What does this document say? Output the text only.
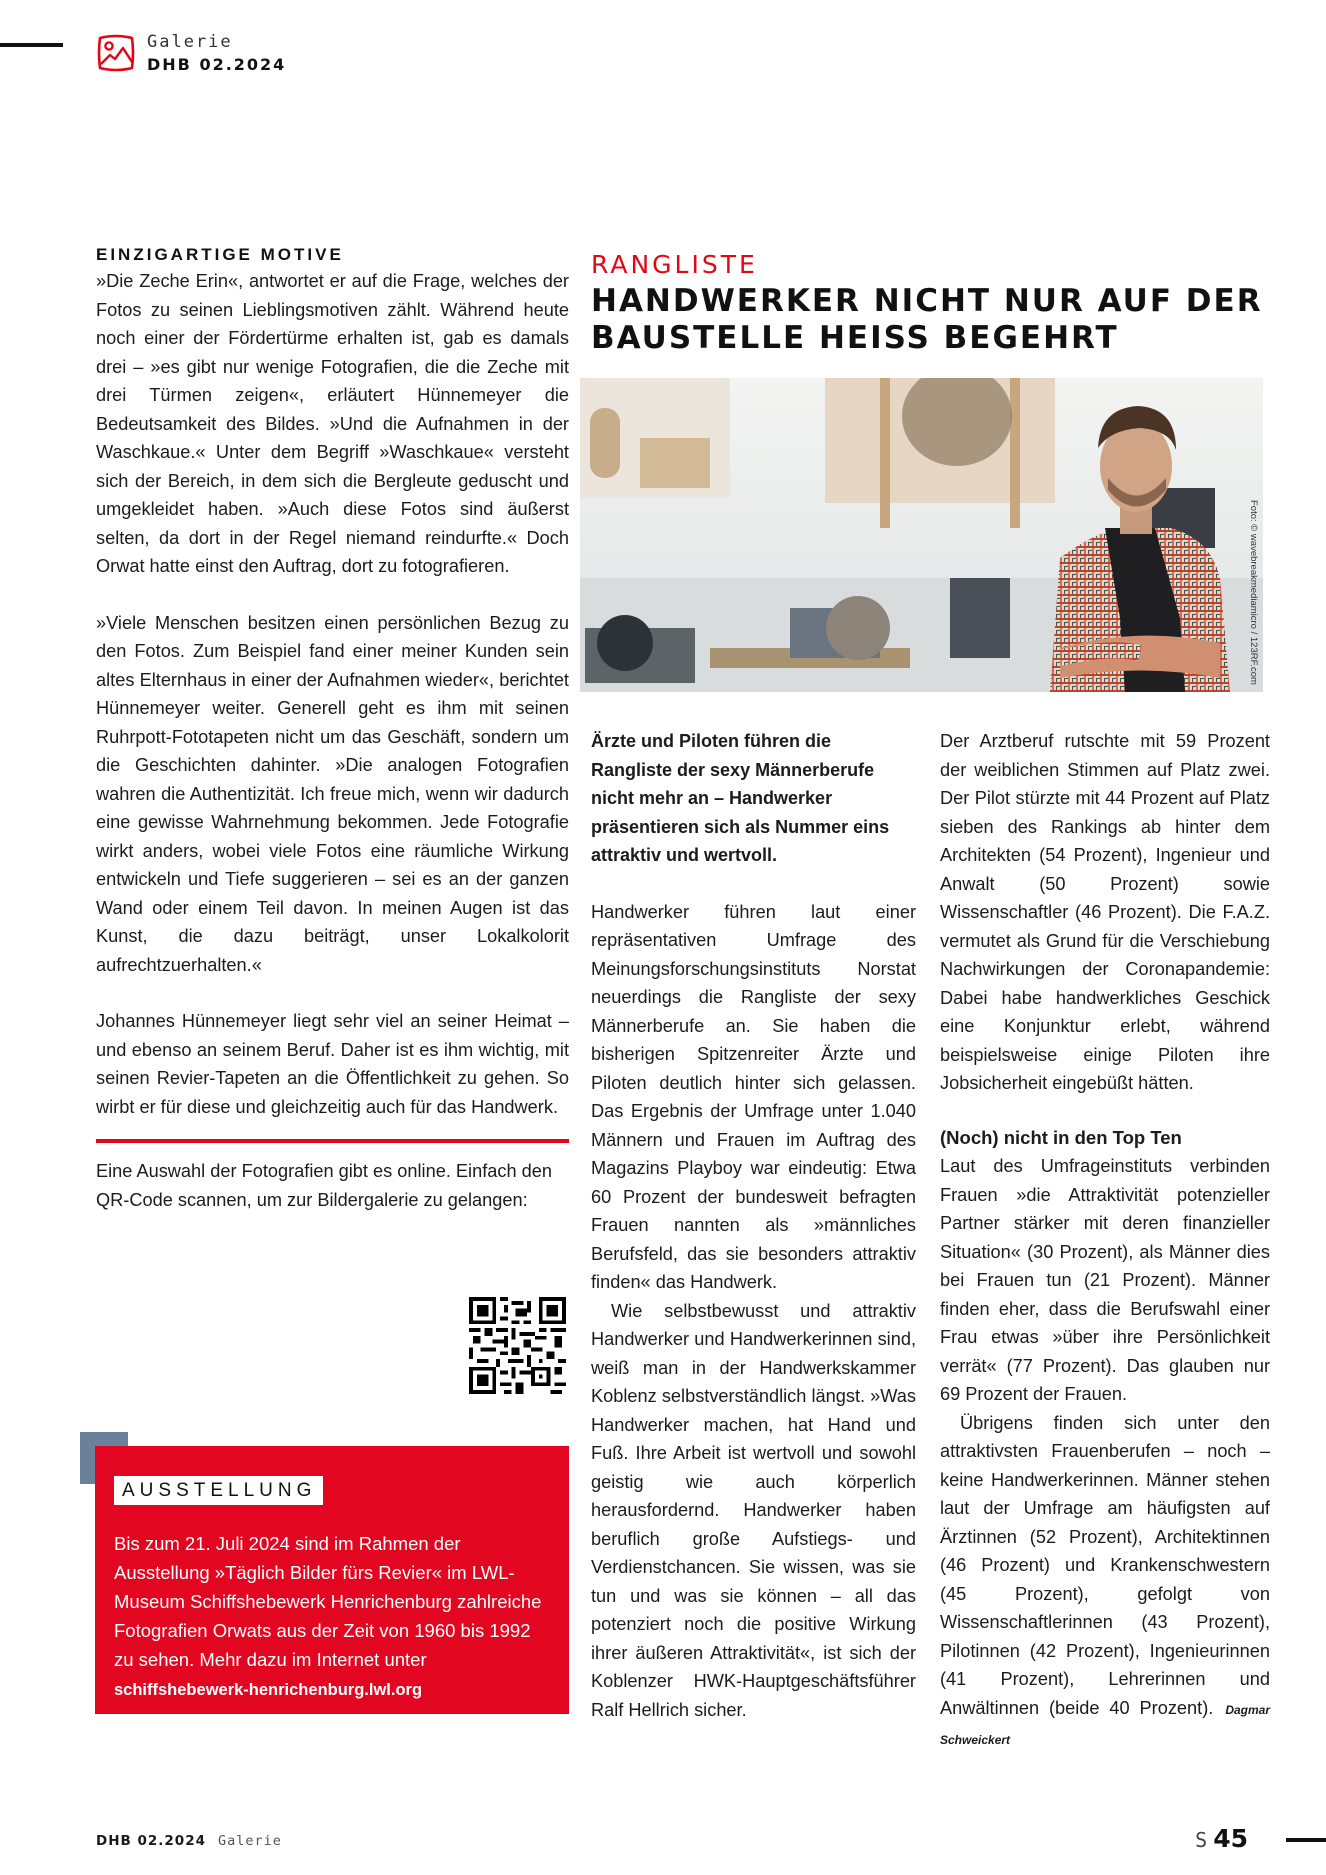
Galerie
DHB 02.2024
EINZIGARTIGE MOTIVE

»Die Zeche Erin«, antwortet er auf die Frage, welches der Fotos zu seinen Lieblingsmotiven zählt. Während heute noch einer der Fördertürme erhalten ist, gab es damals drei – »es gibt nur wenige Fotografien, die die Zeche mit drei Türmen zeigen«, erläutert Hünnemeyer die Bedeutsamkeit des Bildes. »Und die Aufnahmen in der Waschkaue.« Unter dem Begriff »Waschkaue« versteht sich der Bereich, in dem sich die Bergleute geduscht und umgekleidet haben. »Auch diese Fotos sind äußerst selten, da dort in der Regel niemand reindurfte.« Doch Orwat hatte einst den Auftrag, dort zu fotografieren.

»Viele Menschen besitzen einen persönlichen Bezug zu den Fotos. Zum Beispiel fand einer meiner Kunden sein altes Elternhaus in einer der Aufnahmen wieder«, berichtet Hünnemeyer weiter. Generell geht es ihm mit seinen Ruhrpott-Fototapeten nicht um das Geschäft, sondern um die Geschichten dahinter. »Die analogen Fotografien wahren die Authentizität. Ich freue mich, wenn wir dadurch eine gewisse Wahrnehmung bekommen. Jede Fotografie wirkt anders, wobei viele Fotos eine räumliche Wirkung entwickeln und Tiefe suggerieren – sei es an der ganzen Wand oder einem Teil davon. In meinen Augen ist das Kunst, die dazu beiträgt, unser Lokalkolorit aufrechtzuerhalten.«

Johannes Hünnemeyer liegt sehr viel an seiner Heimat – und ebenso an seinem Beruf. Daher ist es ihm wichtig, mit seinen Revier-Tapeten an die Öffentlichkeit zu gehen. So wirbt er für diese und gleichzeitig auch für das Handwerk.

Eine Auswahl der Fotografien gibt es online. Einfach den QR-Code scannen, um zur Bildergalerie zu gelangen:

AUSSTELLUNG
Bis zum 21. Juli 2024 sind im Rahmen der Ausstellung »Täglich Bilder fürs Revier« im LWL-Museum Schiffshebewerk Henrichenburg zahlreiche Fotografien Orwats aus der Zeit von 1960 bis 1992 zu sehen. Mehr dazu im Internet unter
schiffshebewerk-henrichenburg.lwl.org
RANGLISTE
HANDWERKER NICHT NUR AUF DER BAUSTELLE HEISS BEGEHRT
Foto: © wavebreakmediamicro / 123RF.com

Ärzte und Piloten führen die Rangliste der sexy Männerberufe nicht mehr an – Handwerker präsentieren sich als Nummer eins attraktiv und wertvoll.

Handwerker führen laut einer repräsentativen Umfrage des Meinungsforschungsinstituts Norstat neuerdings die Rangliste der sexy Männerberufe an. Sie haben die bisherigen Spitzenreiter Ärzte und Piloten deutlich hinter sich gelassen. Das Ergebnis der Umfrage unter 1.040 Männern und Frauen im Auftrag des Magazins Playboy war eindeutig: Etwa 60 Prozent der bundesweit befragten Frauen nannten als »männliches Berufsfeld, das sie besonders attraktiv finden« das Handwerk.

Wie selbstbewusst und attraktiv Handwerker und Handwerkerinnen sind, weiß man in der Handwerkskammer Koblenz selbstverständlich längst. »Was Handwerker machen, hat Hand und Fuß. Ihre Arbeit ist wertvoll und sowohl geistig wie auch körperlich herausfordernd. Handwerker haben beruflich große Aufstiegs- und Verdienstchancen. Sie wissen, was sie tun und was sie können – all das potenziert noch die positive Wirkung ihrer äußeren Attraktivität«, ist sich der Koblenzer HWK-Hauptgeschäftsführer Ralf Hellrich sicher.

Der Arztberuf rutschte mit 59 Prozent der weiblichen Stimmen auf Platz zwei. Der Pilot stürzte mit 44 Prozent auf Platz sieben des Rankings ab hinter dem Architekten (54 Prozent), Ingenieur und Anwalt (50 Prozent) sowie Wissenschaftler (46 Prozent). Die F.A.Z. vermutet als Grund für die Verschiebung Nachwirkungen der Coronapandemie: Dabei habe handwerkliches Geschick eine Konjunktur erlebt, während beispielsweise einige Piloten ihre Jobsicherheit eingebüßt hätten.

(Noch) nicht in den Top Ten

Laut des Umfrageinstituts verbinden Frauen »die Attraktivität potenzieller Partner stärker mit deren finanzieller Situation« (30 Prozent), als Männer dies bei Frauen tun (21 Prozent). Männer finden eher, dass die Berufswahl einer Frau etwas »über ihre Persönlichkeit verrät« (77 Prozent). Das glauben nur 69 Prozent der Frauen.

Übrigens finden sich unter den attraktivsten Frauenberufen – noch – keine Handwerkerinnen. Männer stehen laut der Umfrage am häufigsten auf Ärztinnen (52 Prozent), Architektinnen (46 Prozent) und Krankenschwestern (45 Prozent), gefolgt von Wissenschaftlerinnen (43 Prozent), Pilotinnen (42 Prozent), Ingenieurinnen (41 Prozent), Lehrerinnen und Anwältinnen (beide 40 Prozent). Dagmar Schweickert

DHB 02.2024 Galerie	S 45
